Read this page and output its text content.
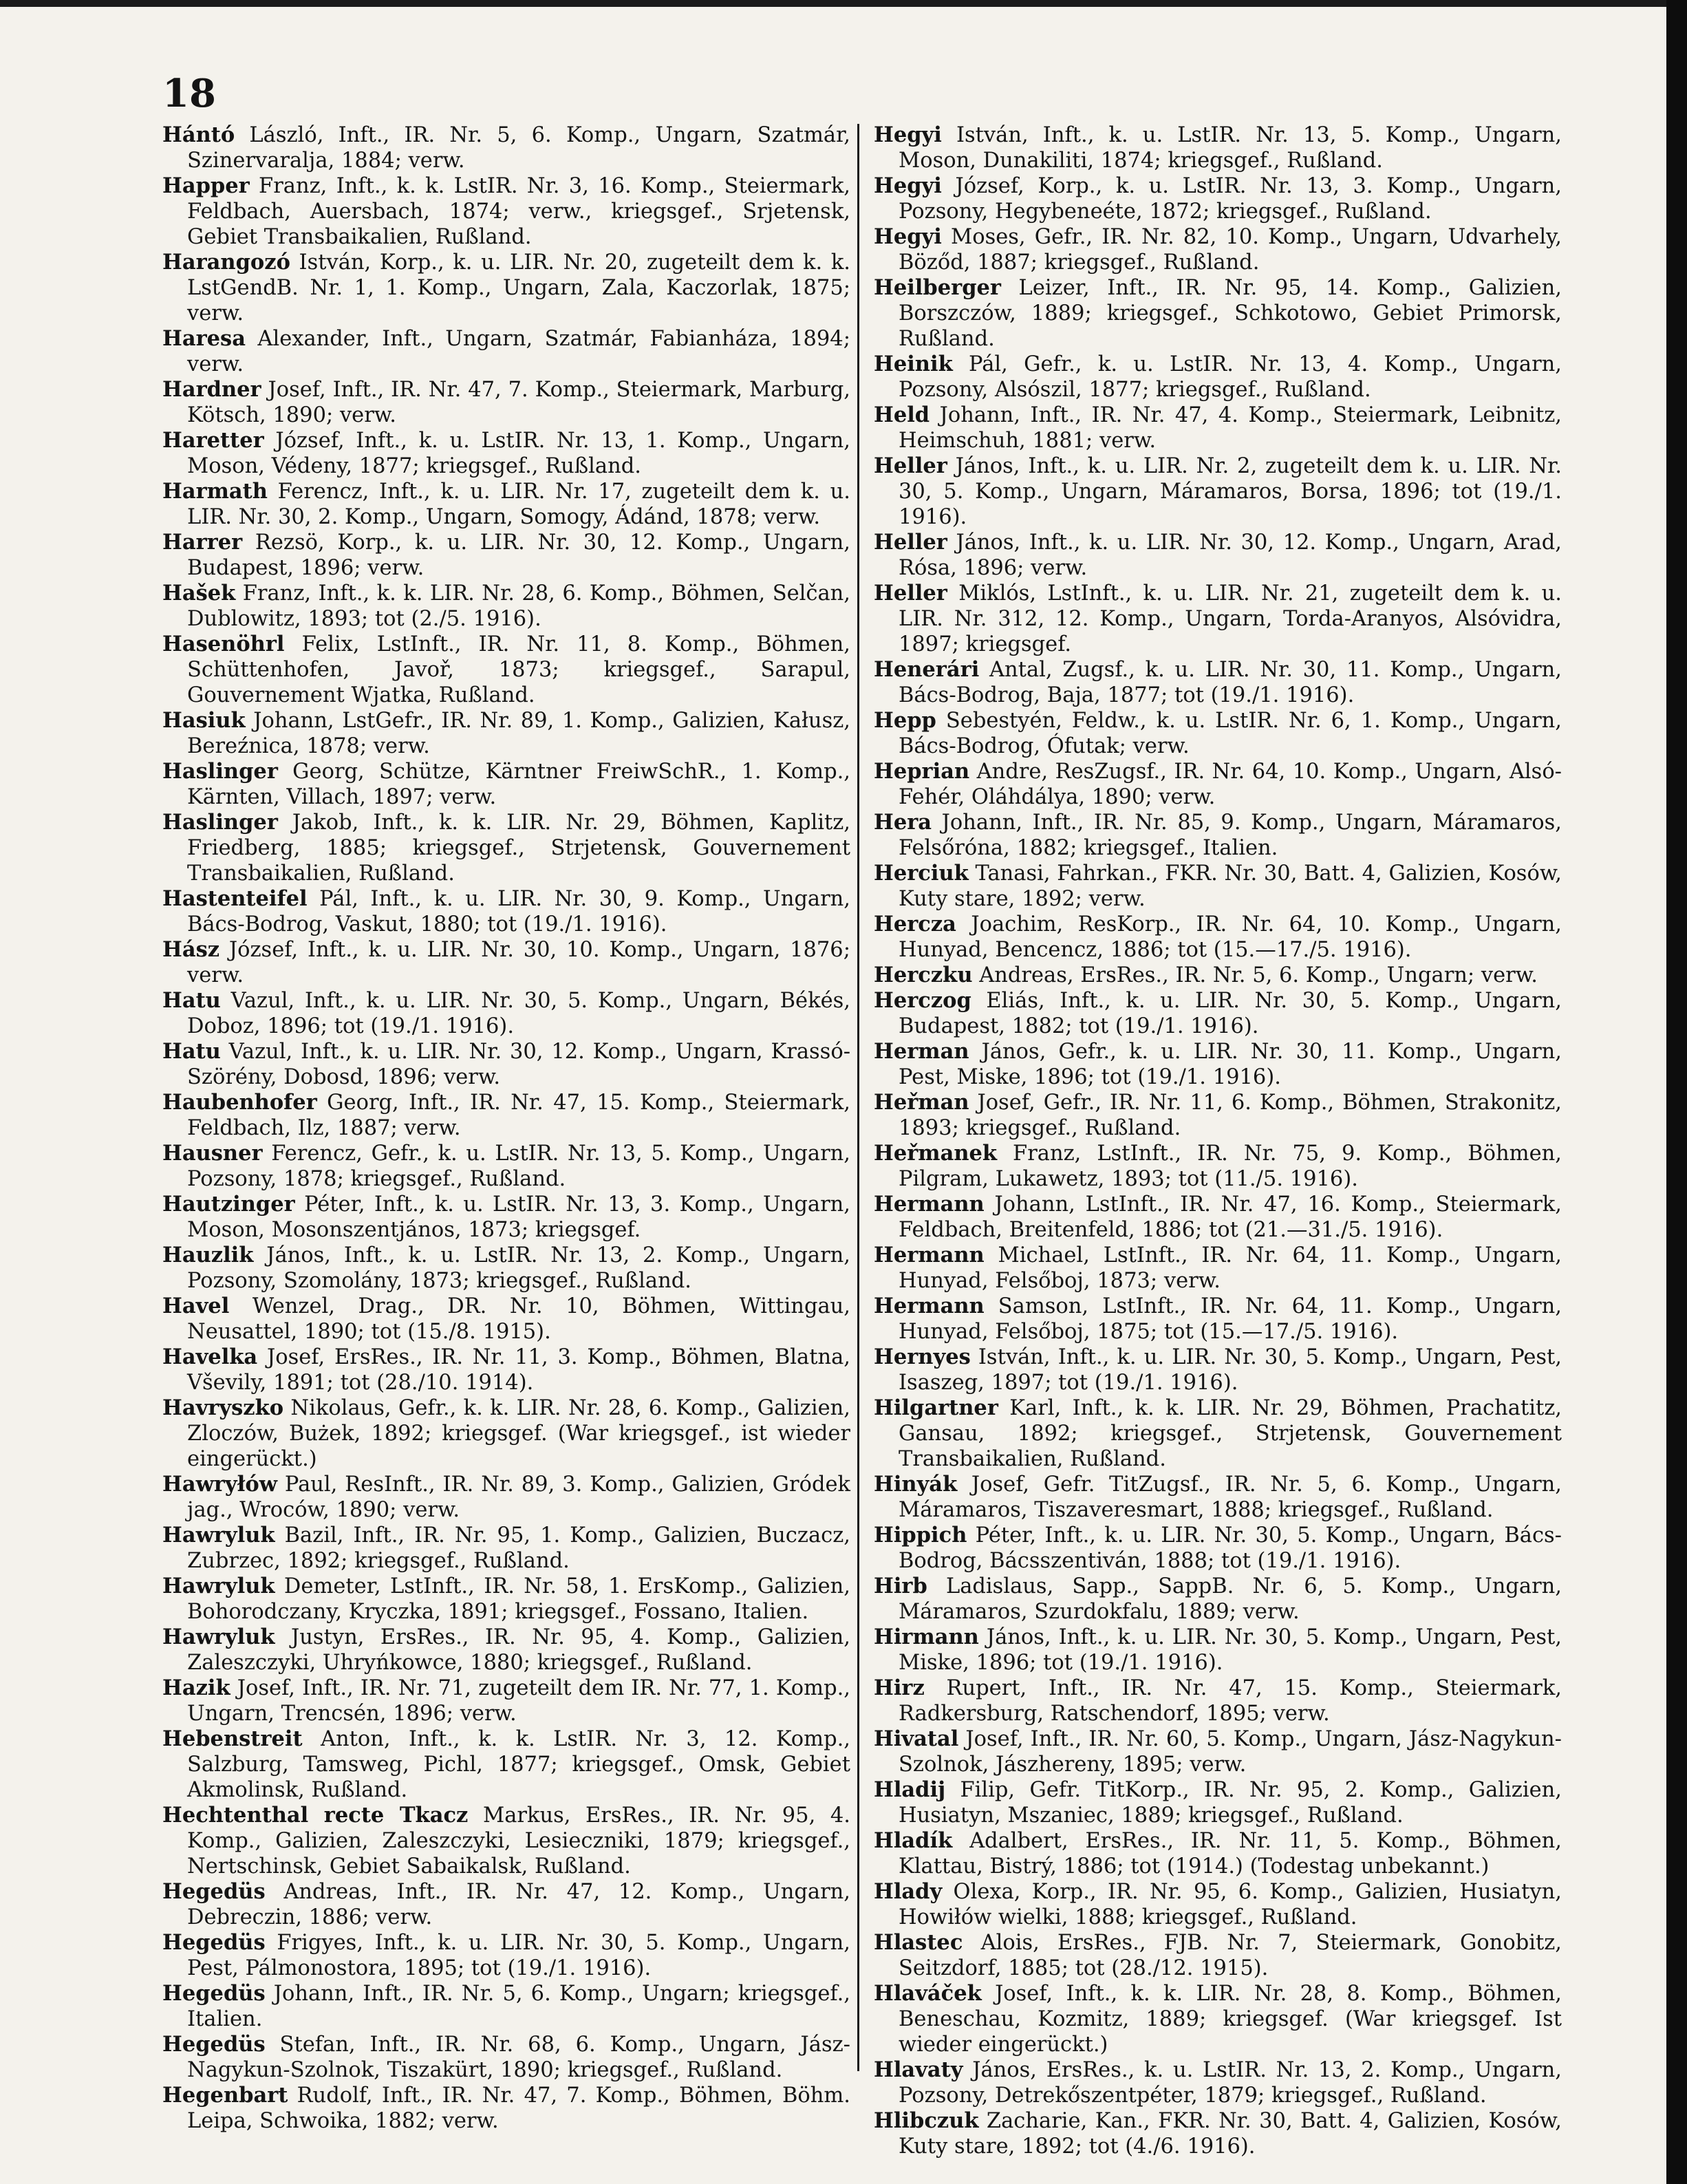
18

Hántó László, Inft., IR. Nr. 5, 6. Komp., Ungarn, Szatmár, Szinervaralja, 1884; verw.

Happer Franz, Inft., k. k. LstIR. Nr. 3, 16. Komp., Steiermark, Feldbach, Auersbach, 1874; verw., kriegsgef., Srjetensk, Gebiet Transbaikalien, Rußland.

Harangozó István, Korp., k. u. LIR. Nr. 20, zugeteilt dem k. k. LstGendB. Nr. 1, 1. Komp., Ungarn, Zala, Kaczorlak, 1875; verw.

Haresa Alexander, Inft., Ungarn, Szatmár, Fabianháza, 1894; verw.

Hardner Josef, Inft., IR. Nr. 47, 7. Komp., Steiermark, Marburg, Kötsch, 1890; verw.

Haretter József, Inft., k. u. LstIR. Nr. 13, 1. Komp., Ungarn, Moson, Védeny, 1877; kriegsgef., Rußland.

Harmath Ferencz, Inft., k. u. LIR. Nr. 17, zugeteilt dem k. u. LIR. Nr. 30, 2. Komp., Ungarn, Somogy, Ádánd, 1878; verw.

Harrer Rezsö, Korp., k. u. LIR. Nr. 30, 12. Komp., Ungarn, Budapest, 1896; verw.

Hašek Franz, Inft., k. k. LIR. Nr. 28, 6. Komp., Böhmen, Selčan, Dublowitz, 1893; tot (2./5. 1916).

Hasenöhrl Felix, LstInft., IR. Nr. 11, 8. Komp., Böhmen, Schüttenhofen, Javoř, 1873; kriegsgef., Sarapul, Gouvernement Wjatka, Rußland.

Hasiuk Johann, LstGefr., IR. Nr. 89, 1. Komp., Galizien, Kałusz, Bereźnica, 1878; verw.

Haslinger Georg, Schütze, Kärntner FreiwSchR., 1. Komp., Kärnten, Villach, 1897; verw.

Haslinger Jakob, Inft., k. k. LIR. Nr. 29, Böhmen, Kaplitz, Friedberg, 1885; kriegsgef., Strjetensk, Gouvernement Transbaikalien, Rußland.

Hastenteifel Pál, Inft., k. u. LIR. Nr. 30, 9. Komp., Ungarn, Bács-Bodrog, Vaskut, 1880; tot (19./1. 1916).

Hász József, Inft., k. u. LIR. Nr. 30, 10. Komp., Ungarn, 1876; verw.

Hatu Vazul, Inft., k. u. LIR. Nr. 30, 5. Komp., Ungarn, Békés, Doboz, 1896; tot (19./1. 1916).

Hatu Vazul, Inft., k. u. LIR. Nr. 30, 12. Komp., Ungarn, Krassó-Szörény, Dobosd, 1896; verw.

Haubenhofer Georg, Inft., IR. Nr. 47, 15. Komp., Steiermark, Feldbach, Ilz, 1887; verw.

Hausner Ferencz, Gefr., k. u. LstIR. Nr. 13, 5. Komp., Ungarn, Pozsony, 1878; kriegsgef., Rußland.

Hautzinger Péter, Inft., k. u. LstIR. Nr. 13, 3. Komp., Ungarn, Moson, Mosonszentjános, 1873; kriegsgef.

Hauzlik János, Inft., k. u. LstIR. Nr. 13, 2. Komp., Ungarn, Pozsony, Szomolány, 1873; kriegsgef., Rußland.

Havel Wenzel, Drag., DR. Nr. 10, Böhmen, Wittingau, Neusattel, 1890; tot (15./8. 1915).

Havelka Josef, ErsRes., IR. Nr. 11, 3. Komp., Böhmen, Blatna, Vševily, 1891; tot (28./10. 1914).

Havryszko Nikolaus, Gefr., k. k. LIR. Nr. 28, 6. Komp., Galizien, Zloczów, Bużek, 1892; kriegsgef. (War kriegsgef., ist wieder eingerückt.)

Hawryłów Paul, ResInft., IR. Nr. 89, 3. Komp., Galizien, Gródek jag., Wroców, 1890; verw.

Hawryluk Bazil, Inft., IR. Nr. 95, 1. Komp., Galizien, Buczacz, Zubrzec, 1892; kriegsgef., Rußland.

Hawryluk Demeter, LstInft., IR. Nr. 58, 1. ErsKomp., Galizien, Bohorodczany, Kryczka, 1891; kriegsgef., Fossano, Italien.

Hawryluk Justyn, ErsRes., IR. Nr. 95, 4. Komp., Galizien, Zaleszczyki, Uhryńkowce, 1880; kriegsgef., Rußland.

Hazik Josef, Inft., IR. Nr. 71, zugeteilt dem IR. Nr. 77, 1. Komp., Ungarn, Trencsén, 1896; verw.

Hebenstreit Anton, Inft., k. k. LstIR. Nr. 3, 12. Komp., Salzburg, Tamsweg, Pichl, 1877; kriegsgef., Omsk, Gebiet Akmolinsk, Rußland.

Hechtenthal recte Tkacz Markus, ErsRes., IR. Nr. 95, 4. Komp., Galizien, Zaleszczyki, Lesieczniki, 1879; kriegsgef., Nertschinsk, Gebiet Sabaikalsk, Rußland.

Hegedüs Andreas, Inft., IR. Nr. 47, 12. Komp., Ungarn, Debreczin, 1886; verw.

Hegedüs Frigyes, Inft., k. u. LIR. Nr. 30, 5. Komp., Ungarn, Pest, Pálmonostora, 1895; tot (19./1. 1916).

Hegedüs Johann, Inft., IR. Nr. 5, 6. Komp., Ungarn; kriegsgef., Italien.

Hegedüs Stefan, Inft., IR. Nr. 68, 6. Komp., Ungarn, Jász-Nagykun-Szolnok, Tiszakürt, 1890; kriegsgef., Rußland.

Hegenbart Rudolf, Inft., IR. Nr. 47, 7. Komp., Böhmen, Böhm. Leipa, Schwoika, 1882; verw.

Hegyi István, Inft., k. u. LstIR. Nr. 13, 5. Komp., Ungarn, Moson, Dunakiliti, 1874; kriegsgef., Rußland.

Hegyi József, Korp., k. u. LstIR. Nr. 13, 3. Komp., Ungarn, Pozsony, Hegybeneéte, 1872; kriegsgef., Rußland.

Hegyi Moses, Gefr., IR. Nr. 82, 10. Komp., Ungarn, Udvarhely, Böződ, 1887; kriegsgef., Rußland.

Heilberger Leizer, Inft., IR. Nr. 95, 14. Komp., Galizien, Borszczów, 1889; kriegsgef., Schkotowo, Gebiet Primorsk, Rußland.

Heinik Pál, Gefr., k. u. LstIR. Nr. 13, 4. Komp., Ungarn, Pozsony, Alsószil, 1877; kriegsgef., Rußland.

Held Johann, Inft., IR. Nr. 47, 4. Komp., Steiermark, Leibnitz, Heimschuh, 1881; verw.

Heller János, Inft., k. u. LIR. Nr. 2, zugeteilt dem k. u. LIR. Nr. 30, 5. Komp., Ungarn, Máramaros, Borsa, 1896; tot (19./1. 1916).

Heller János, Inft., k. u. LIR. Nr. 30, 12. Komp., Ungarn, Arad, Rósa, 1896; verw.

Heller Miklós, LstInft., k. u. LIR. Nr. 21, zugeteilt dem k. u. LIR. Nr. 312, 12. Komp., Ungarn, Torda-Aranyos, Alsóvidra, 1897; kriegsgef.

Henerári Antal, Zugsf., k. u. LIR. Nr. 30, 11. Komp., Ungarn, Bács-Bodrog, Baja, 1877; tot (19./1. 1916).

Hepp Sebestyén, Feldw., k. u. LstIR. Nr. 6, 1. Komp., Ungarn, Bács-Bodrog, Ófutak; verw.

Heprian Andre, ResZugsf., IR. Nr. 64, 10. Komp., Ungarn, Alsó-Fehér, Oláhdálya, 1890; verw.

Hera Johann, Inft., IR. Nr. 85, 9. Komp., Ungarn, Máramaros, Felsőróna, 1882; kriegsgef., Italien.

Herciuk Tanasi, Fahrkan., FKR. Nr. 30, Batt. 4, Galizien, Kosów, Kuty stare, 1892; verw.

Hercza Joachim, ResKorp., IR. Nr. 64, 10. Komp., Ungarn, Hunyad, Bencencz, 1886; tot (15.—17./5. 1916).

Herczku Andreas, ErsRes., IR. Nr. 5, 6. Komp., Ungarn; verw.

Herczog Eliás, Inft., k. u. LIR. Nr. 30, 5. Komp., Ungarn, Budapest, 1882; tot (19./1. 1916).

Herman János, Gefr., k. u. LIR. Nr. 30, 11. Komp., Ungarn, Pest, Miske, 1896; tot (19./1. 1916).

Heřman Josef, Gefr., IR. Nr. 11, 6. Komp., Böhmen, Strakonitz, 1893; kriegsgef., Rußland.

Heřmanek Franz, LstInft., IR. Nr. 75, 9. Komp., Böhmen, Pilgram, Lukawetz, 1893; tot (11./5. 1916).

Hermann Johann, LstInft., IR. Nr. 47, 16. Komp., Steiermark, Feldbach, Breitenfeld, 1886; tot (21.—31./5. 1916).

Hermann Michael, LstInft., IR. Nr. 64, 11. Komp., Ungarn, Hunyad, Felsőboj, 1873; verw.

Hermann Samson, LstInft., IR. Nr. 64, 11. Komp., Ungarn, Hunyad, Felsőboj, 1875; tot (15.—17./5. 1916).

Hernyes István, Inft., k. u. LIR. Nr. 30, 5. Komp., Ungarn, Pest, Isaszeg, 1897; tot (19./1. 1916).

Hilgartner Karl, Inft., k. k. LIR. Nr. 29, Böhmen, Prachatitz, Gansau, 1892; kriegsgef., Strjetensk, Gouvernement Transbaikalien, Rußland.

Hinyák Josef, Gefr. TitZugsf., IR. Nr. 5, 6. Komp., Ungarn, Máramaros, Tiszaveresmart, 1888; kriegsgef., Rußland.

Hippich Péter, Inft., k. u. LIR. Nr. 30, 5. Komp., Ungarn, Bács-Bodrog, Bácsszentiván, 1888; tot (19./1. 1916).

Hirb Ladislaus, Sapp., SappB. Nr. 6, 5. Komp., Ungarn, Máramaros, Szurdokfalu, 1889; verw.

Hirmann János, Inft., k. u. LIR. Nr. 30, 5. Komp., Ungarn, Pest, Miske, 1896; tot (19./1. 1916).

Hirz Rupert, Inft., IR. Nr. 47, 15. Komp., Steiermark, Radkersburg, Ratschendorf, 1895; verw.

Hivatal Josef, Inft., IR. Nr. 60, 5. Komp., Ungarn, Jász-Nagykun-Szolnok, Jászhereny, 1895; verw.

Hladij Filip, Gefr. TitKorp., IR. Nr. 95, 2. Komp., Galizien, Husiatyn, Mszaniec, 1889; kriegsgef., Rußland.

Hladík Adalbert, ErsRes., IR. Nr. 11, 5. Komp., Böhmen, Klattau, Bistrý, 1886; tot (1914.) (Todestag unbekannt.)

Hlady Olexa, Korp., IR. Nr. 95, 6. Komp., Galizien, Husiatyn, Howiłów wielki, 1888; kriegsgef., Rußland.

Hlastec Alois, ErsRes., FJB. Nr. 7, Steiermark, Gonobitz, Seitzdorf, 1885; tot (28./12. 1915).

Hlaváček Josef, Inft., k. k. LIR. Nr. 28, 8. Komp., Böhmen, Beneschau, Kozmitz, 1889; kriegsgef. (War kriegsgef. Ist wieder eingerückt.)

Hlavaty János, ErsRes., k. u. LstIR. Nr. 13, 2. Komp., Ungarn, Pozsony, Detrekőszentpéter, 1879; kriegsgef., Rußland.

Hlibczuk Zacharie, Kan., FKR. Nr. 30, Batt. 4, Galizien, Kosów, Kuty stare, 1892; tot (4./6. 1916).
